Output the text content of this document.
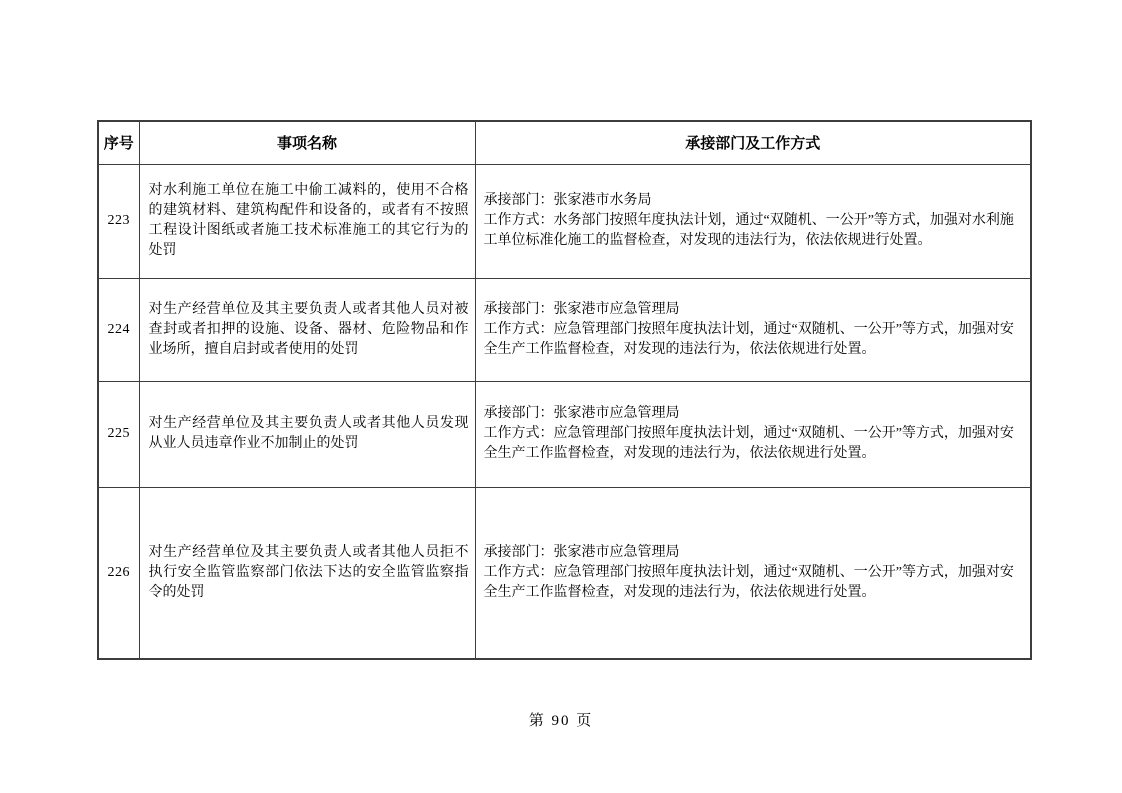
序号	事项名称	承接部门及工作方式
223	对水利施工单位在施工中偷工减料的，使用不合格的建筑材料、建筑构配件和设备的，或者有不按照工程设计图纸或者施工技术标准施工的其它行为的处罚	承接部门：张家港市水务局
工作方式：水务部门按照年度执法计划，通过“双随机、一公开”等方式，加强对水利施工单位标准化施工的监督检查，对发现的违法行为，依法依规进行处置。

224	对生产经营单位及其主要负责人或者其他人员对被查封或者扣押的设施、设备、器材、危险物品和作业场所，擅自启封或者使用的处罚	承接部门：张家港市应急管理局
工作方式：应急管理部门按照年度执法计划，通过“双随机、一公开”等方式，加强对安全生产工作监督检查，对发现的违法行为，依法依规进行处置。

225	对生产经营单位及其主要负责人或者其他人员发现从业人员违章作业不加制止的处罚	承接部门：张家港市应急管理局
工作方式：应急管理部门按照年度执法计划，通过“双随机、一公开”等方式，加强对安全生产工作监督检查，对发现的违法行为，依法依规进行处置。

226	对生产经营单位及其主要负责人或者其他人员拒不执行安全监管监察部门依法下达的安全监管监察指令的处罚	承接部门：张家港市应急管理局
工作方式：应急管理部门按照年度执法计划，通过“双随机、一公开”等方式，加强对安全生产工作监督检查，对发现的违法行为，依法依规进行处置。
第 90 页
